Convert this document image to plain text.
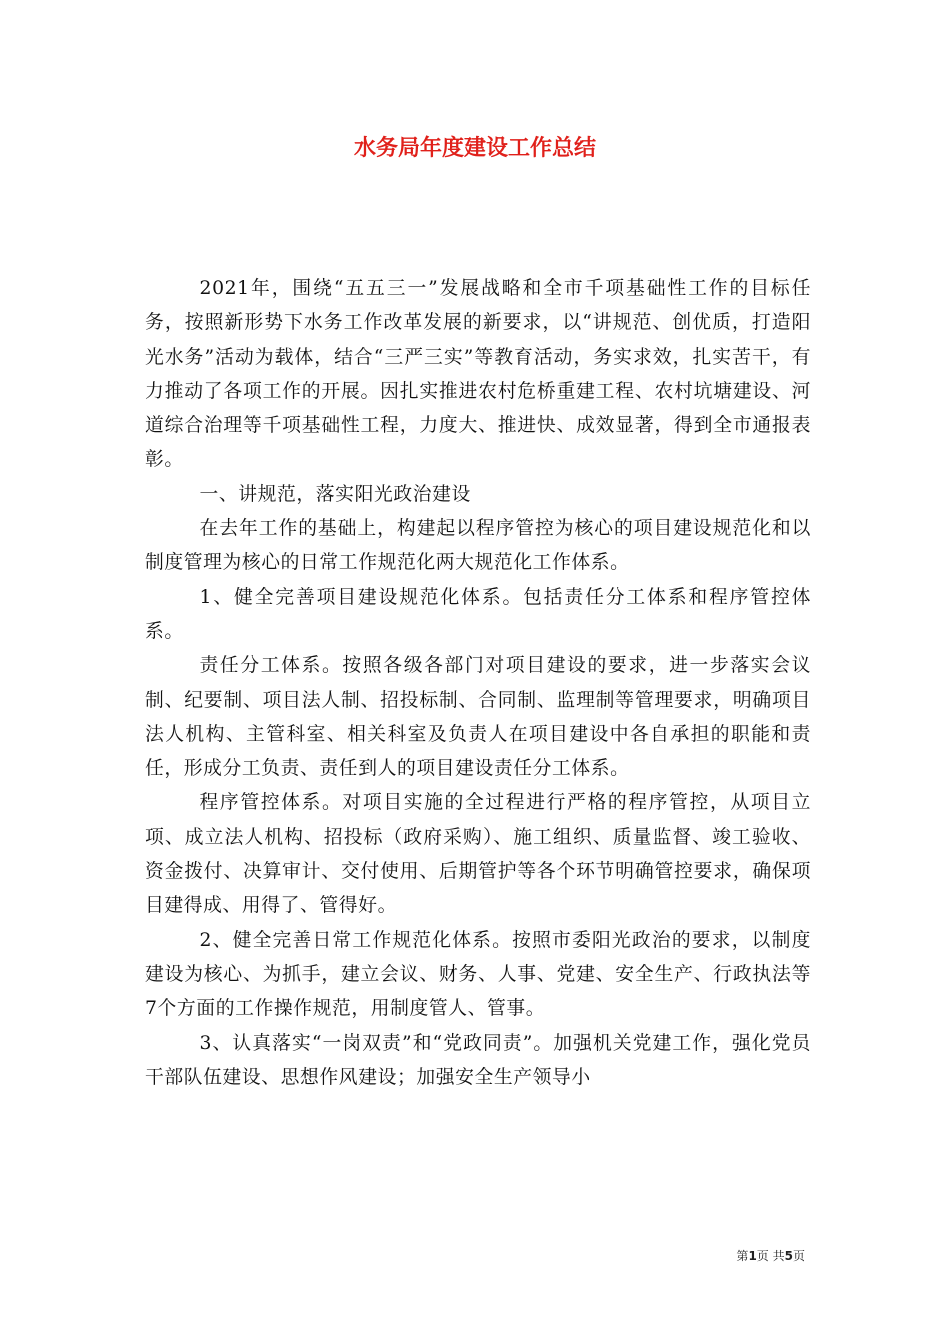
水务局年度建设工作总结

2021年，围绕“五五三一”发展战略和全市千项基础性工作的目标任务，按照新形势下水务工作改革发展的新要求，以“讲规范、创优质，打造阳光水务”活动为载体，结合“三严三实”等教育活动，务实求效，扎实苦干，有力推动了各项工作的开展。因扎实推进农村危桥重建工程、农村坑塘建设、河道综合治理等千项基础性工程，力度大、推进快、成效显著，得到全市通报表彰。

一、讲规范，落实阳光政治建设

在去年工作的基础上，构建起以程序管控为核心的项目建设规范化和以制度管理为核心的日常工作规范化两大规范化工作体系。

1、健全完善项目建设规范化体系。包括责任分工体系和程序管控体系。

责任分工体系。按照各级各部门对项目建设的要求，进一步落实会议制、纪要制、项目法人制、招投标制、合同制、监理制等管理要求，明确项目法人机构、主管科室、相关科室及负责人在项目建设中各自承担的职能和责任，形成分工负责、责任到人的项目建设责任分工体系。

程序管控体系。对项目实施的全过程进行严格的程序管控，从项目立项、成立法人机构、招投标（政府采购）、施工组织、质量监督、竣工验收、资金拨付、决算审计、交付使用、后期管护等各个环节明确管控要求，确保项目建得成、用得了、管得好。

2、健全完善日常工作规范化体系。按照市委阳光政治的要求，以制度建设为核心、为抓手，建立会议、财务、人事、党建、安全生产、行政执法等7个方面的工作操作规范，用制度管人、管事。

3、认真落实“一岗双责”和“党政同责”。加强机关党建工作，强化党员干部队伍建设、思想作风建设；加强安全生产领导小

第1页 共5页
